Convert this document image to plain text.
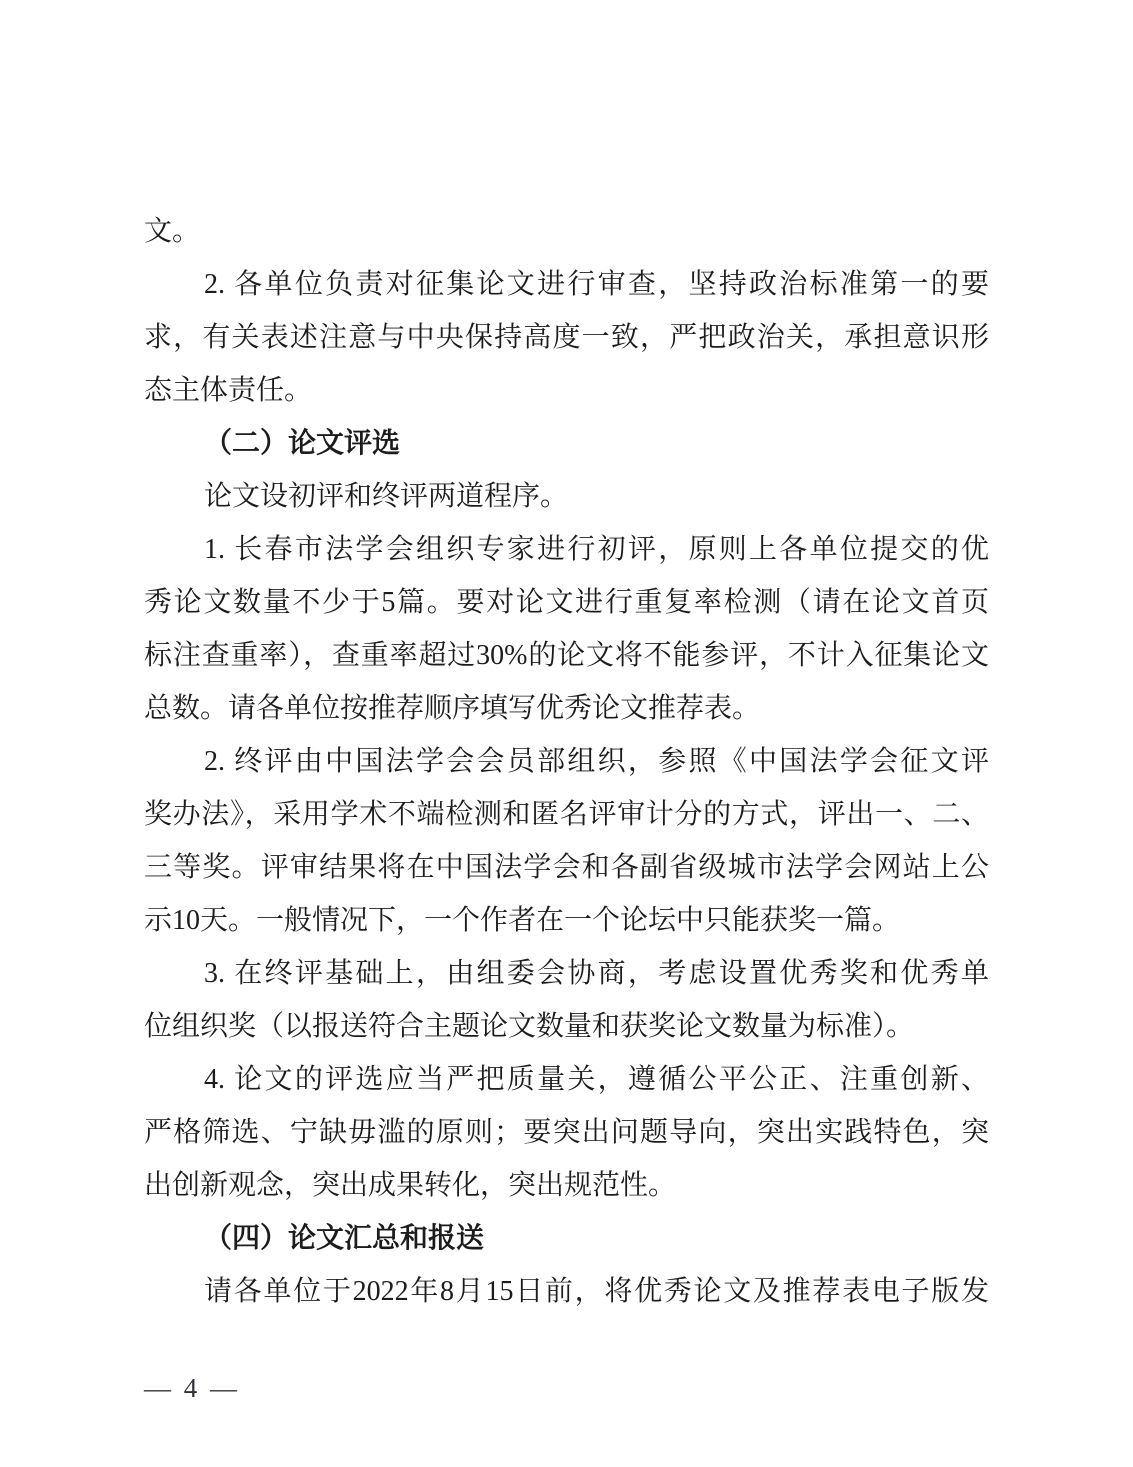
文。
2. 各单位负责对征集论文进行审查，坚持政治标准第一的要
求，有关表述注意与中央保持高度一致，严把政治关，承担意识形
态主体责任。
（二）论文评选
论文设初评和终评两道程序。
1. 长春市法学会组织专家进行初评，原则上各单位提交的优
秀论文数量不少于5篇。要对论文进行重复率检测（请在论文首页
标注查重率），查重率超过30%的论文将不能参评，不计入征集论文
总数。请各单位按推荐顺序填写优秀论文推荐表。
2. 终评由中国法学会会员部组织，参照《中国法学会征文评
奖办法》，采用学术不端检测和匿名评审计分的方式，评出一、二、
三等奖。评审结果将在中国法学会和各副省级城市法学会网站上公
示10天。一般情况下，一个作者在一个论坛中只能获奖一篇。
3. 在终评基础上，由组委会协商，考虑设置优秀奖和优秀单
位组织奖（以报送符合主题论文数量和获奖论文数量为标准）。
4. 论文的评选应当严把质量关，遵循公平公正、注重创新、
严格筛选、宁缺毋滥的原则；要突出问题导向，突出实践特色，突
出创新观念，突出成果转化，突出规范性。
（四）论文汇总和报送
请各单位于2022年8月15日前，将优秀论文及推荐表电子版发
— 4 —
